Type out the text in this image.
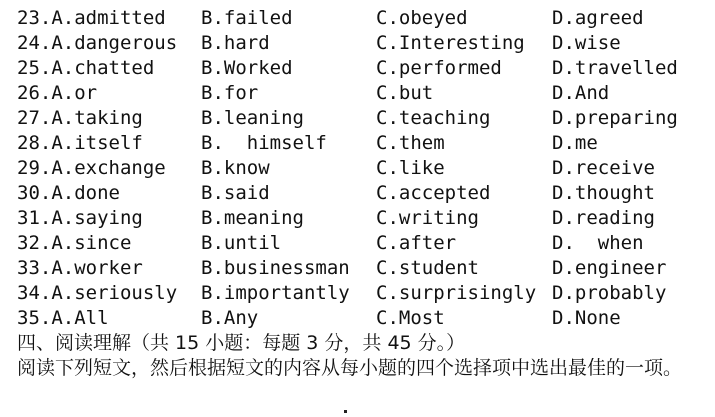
23.A.admitted	B.failed	C.obeyed	D.agreed
24.A.dangerous	B.hard	C.Interesting	D.wise
25.A.chatted	B.Worked	C.performed	D.travelled
26.A.or	B.for	C.but	D.And
27.A.taking	B.leaning	C.teaching	D.preparing
28.A.itself	B.  himself	C.them	D.me
29.A.exchange	B.know	C.like	D.receive
30.A.done	B.said	C.accepted	D.thought
31.A.saying	B.meaning	C.writing	D.reading
32.A.since	B.until	C.after	D.  when
33.A.worker	B.businessman	C.student	D.engineer
34.A.seriously	B.importantly	C.surprisingly D.probably
35.A.All	B.Any	C.Most	D.None
四、阅读理解（共 15 小题：每题 3 分，共 45 分。）
阅读下列短文，然后根据短文的内容从每小题的四个选择项中选出最佳的一项。
